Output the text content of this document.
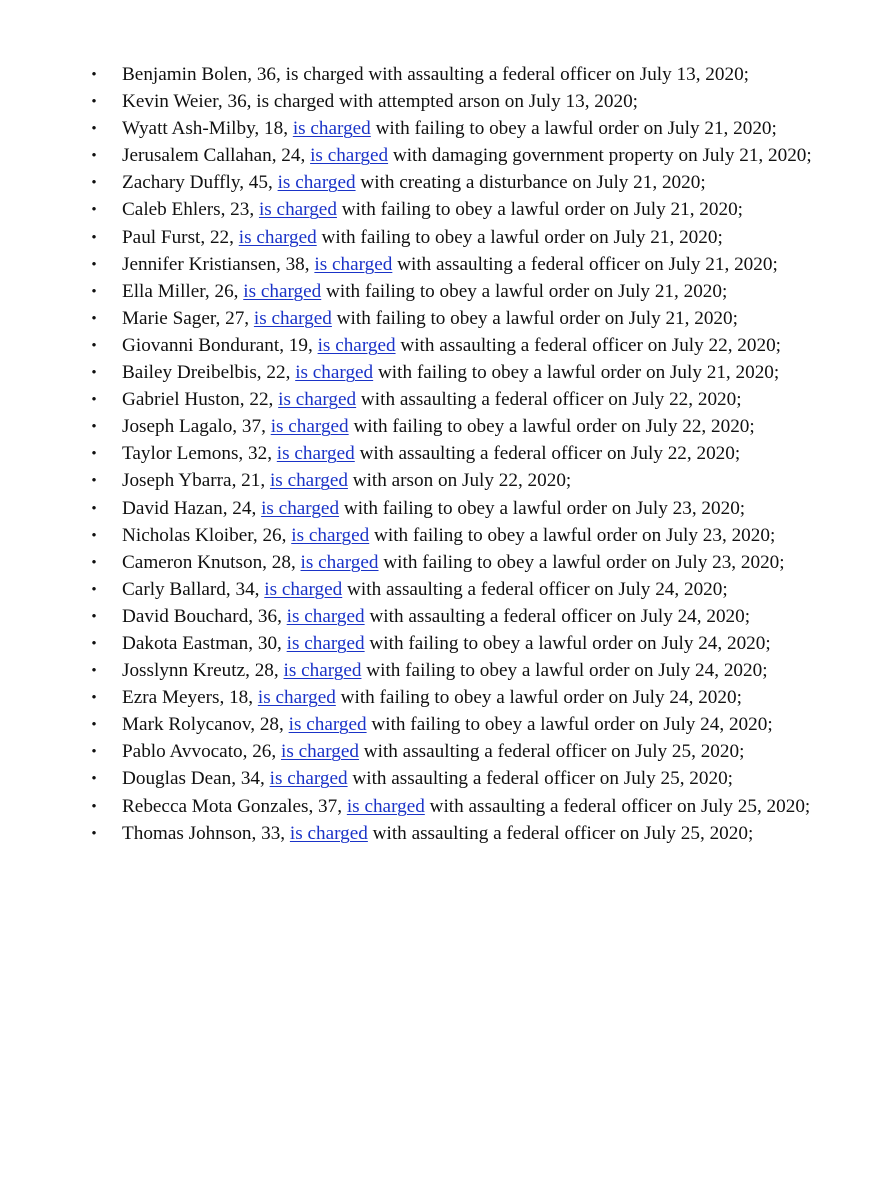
• Benjamin Bolen, 36, is charged with assaulting a federal officer on July 13, 2020;
• Kevin Weier, 36, is charged with attempted arson on July 13, 2020;
• Wyatt Ash-Milby, 18, is charged with failing to obey a lawful order on July 21, 2020;
• Jerusalem Callahan, 24, is charged with damaging government property on July 21, 2020;
• Zachary Duffly, 45, is charged with creating a disturbance on July 21, 2020;
• Caleb Ehlers, 23, is charged with failing to obey a lawful order on July 21, 2020;
• Paul Furst, 22, is charged with failing to obey a lawful order on July 21, 2020;
• Jennifer Kristiansen, 38, is charged with assaulting a federal officer on July 21, 2020;
• Ella Miller, 26, is charged with failing to obey a lawful order on July 21, 2020;
• Marie Sager, 27, is charged with failing to obey a lawful order on July 21, 2020;
• Giovanni Bondurant, 19, is charged with assaulting a federal officer on July 22, 2020;
• Bailey Dreibelbis, 22, is charged with failing to obey a lawful order on July 21, 2020;
• Gabriel Huston, 22, is charged with assaulting a federal officer on July 22, 2020;
• Joseph Lagalo, 37, is charged with failing to obey a lawful order on July 22, 2020;
• Taylor Lemons, 32, is charged with assaulting a federal officer on July 22, 2020;
• Joseph Ybarra, 21, is charged with arson on July 22, 2020;
• David Hazan, 24, is charged with failing to obey a lawful order on July 23, 2020;
• Nicholas Kloiber, 26, is charged with failing to obey a lawful order on July 23, 2020;
• Cameron Knutson, 28, is charged with failing to obey a lawful order on July 23, 2020;
• Carly Ballard, 34, is charged with assaulting a federal officer on July 24, 2020;
• David Bouchard, 36, is charged with assaulting a federal officer on July 24, 2020;
• Dakota Eastman, 30, is charged with failing to obey a lawful order on July 24, 2020;
• Josslynn Kreutz, 28, is charged with failing to obey a lawful order on July 24, 2020;
• Ezra Meyers, 18, is charged with failing to obey a lawful order on July 24, 2020;
• Mark Rolycanov, 28, is charged with failing to obey a lawful order on July 24, 2020;
• Pablo Avvocato, 26, is charged with assaulting a federal officer on July 25, 2020;
• Douglas Dean, 34, is charged with assaulting a federal officer on July 25, 2020;
• Rebecca Mota Gonzales, 37, is charged with assaulting a federal officer on July 25, 2020;
• Thomas Johnson, 33, is charged with assaulting a federal officer on July 25, 2020;
